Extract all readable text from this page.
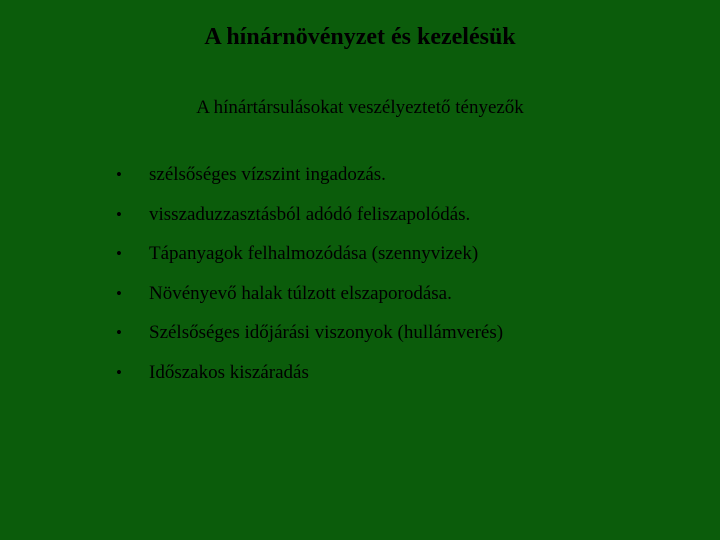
A hínárnövényzet és kezelésük
A hínártársulásokat veszélyeztető tényezők
•	szélsőséges vízszint ingadozás.
•	visszaduzzasztásból adódó feliszapolódás.
•	Tápanyagok felhalmozódása (szennyvizek)
•	Növényevő halak túlzott elszaporodása.
•	Szélsőséges időjárási viszonyok (hullámverés)
•	Időszakos kiszáradás
